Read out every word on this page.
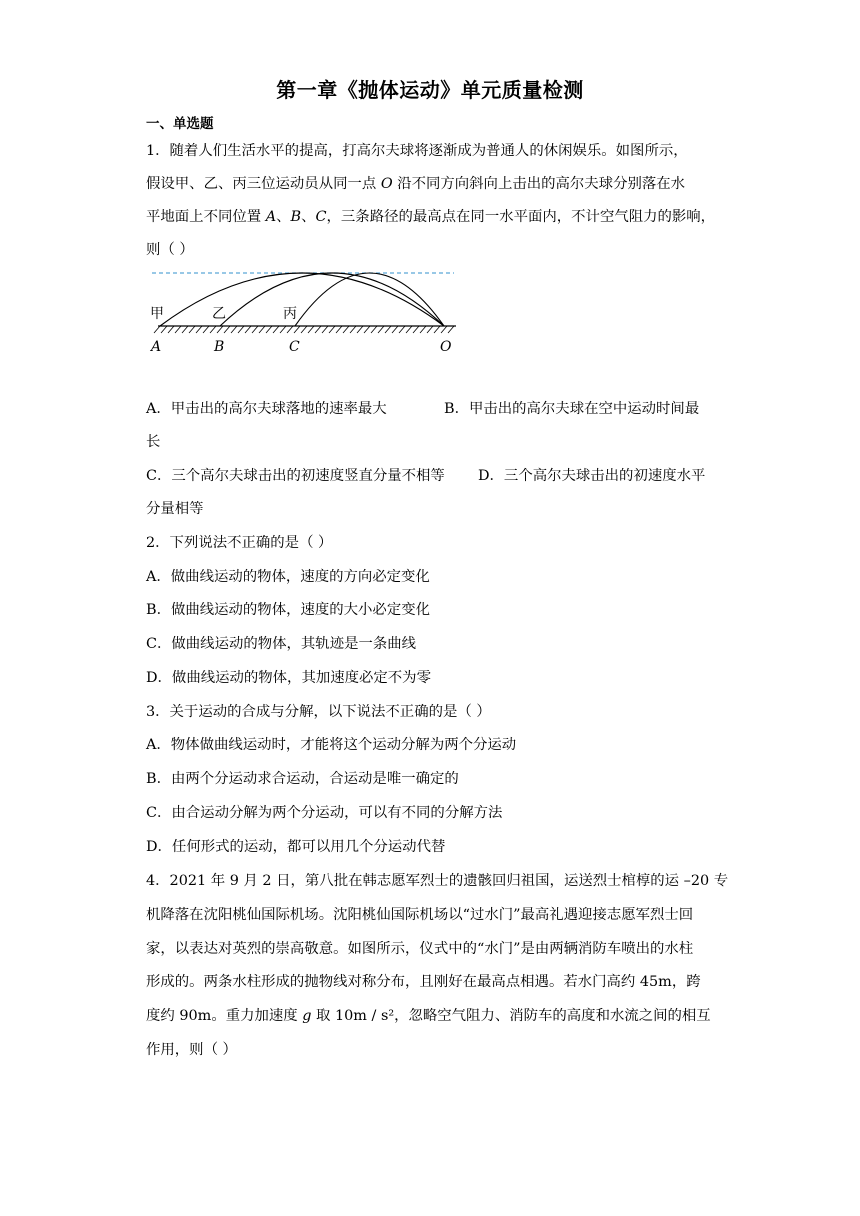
第一章《抛体运动》单元质量检测
一、单选题
1．随着人们生活水平的提高，打高尔夫球将逐渐成为普通人的休闲娱乐。如图所示，
假设甲、乙、丙三位运动员从同一点 O 沿不同方向斜向上击出的高尔夫球分别落在水
平地面上不同位置 A、B、C，三条路径的最高点在同一水平面内，不计空气阻力的影响，
则（ ）
甲	乙	丙
A	B	C	O
A．甲击出的高尔夫球落地的速率最大	B．甲击出的高尔夫球在空中运动时间最
长
C．三个高尔夫球击出的初速度竖直分量不相等 D．三个高尔夫球击出的初速度水平
分量相等
2．下列说法不正确的是（ ）
A．做曲线运动的物体，速度的方向必定变化
B．做曲线运动的物体，速度的大小必定变化
C．做曲线运动的物体，其轨迹是一条曲线
D．做曲线运动的物体，其加速度必定不为零
3．关于运动的合成与分解，以下说法不正确的是（ ）
A．物体做曲线运动时，才能将这个运动分解为两个分运动
B．由两个分运动求合运动，合运动是唯一确定的
C．由合运动分解为两个分运动，可以有不同的分解方法
D．任何形式的运动，都可以用几个分运动代替
4．2021 年 9 月 2 日，第八批在韩志愿军烈士的遗骸回归祖国，运送烈士棺椁的运 –20 专
机降落在沈阳桃仙国际机场。沈阳桃仙国际机场以“过水门”最高礼遇迎接志愿军烈士回
家，以表达对英烈的崇高敬意。如图所示，仪式中的“水门”是由两辆消防车喷出的水柱
形成的。两条水柱形成的抛物线对称分布，且刚好在最高点相遇。若水门高约 45m，跨
度约 90m。重力加速度 g 取 10m / s²，忽略空气阻力、消防车的高度和水流之间的相互
作用，则（ ）
